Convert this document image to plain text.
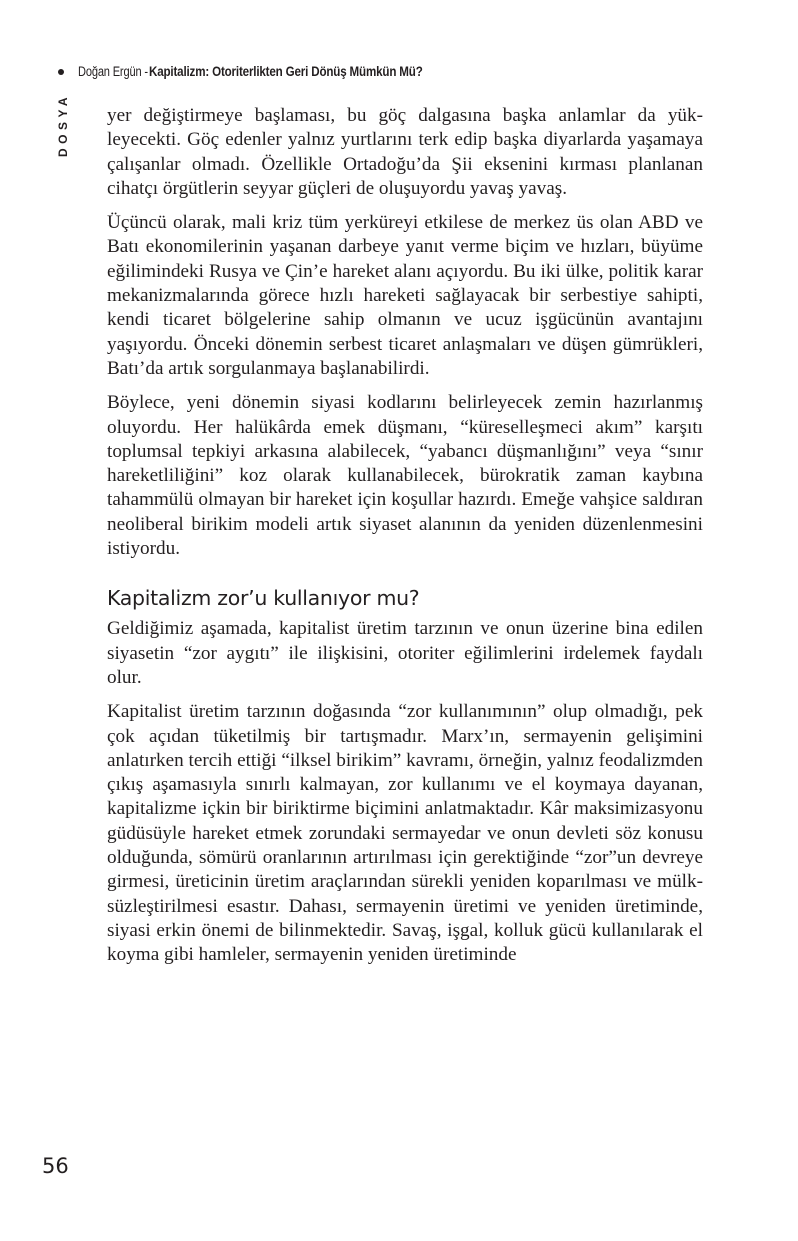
Doğan Ergün - Kapitalizm: Otoriterlikten Geri Dönüş Mümkün Mü?
DOSYA yer değiştirmeye başlaması, bu göç dalgasına başka anlamlar da yükleyecekti. Göç edenler yalnız yurtlarını terk edip başka diyarlarda yaşamaya çalışanlar olmadı. Özellikle Ortadoğu’da Şii eksenini kırması planlanan cihatçı örgütlerin seyyar güçleri de oluşuyordu yavaş yavaş.

Üçüncü olarak, mali kriz tüm yerküreyi etkilese de merkez üs olan ABD ve Batı ekonomilerinin yaşanan darbeye yanıt verme biçim ve hızları, büyüme eğilimindeki Rusya ve Çin’e hareket alanı açıyordu. Bu iki ülke, politik karar mekanizmalarında görece hızlı hareketi sağlayacak bir serbestiye sahipti, kendi ticaret bölgelerine sahip olmanın ve ucuz işgücünün avantajını yaşıyordu. Önceki dönemin serbest ticaret anlaşmaları ve düşen gümrükleri, Batı’da artık sorgulanmaya başlanabilirdi.

Böylece, yeni dönemin siyasi kodlarını belirleyecek zemin hazırlanmış oluyordu. Her halükârda emek düşmanı, “küreselleşmeci akım” karşıtı toplumsal tepkiyi arkasına alabilecek, “yabancı düşmanlığını” veya “sınır hareketliliğini” koz olarak kullanabilecek, bürokratik zaman kaybına tahammülü olmayan bir hareket için koşullar hazırdı. Emeğe vahşice saldıran neoliberal birikim modeli artık siyaset alanının da yeniden düzenlenmesini istiyordu.

Kapitalizm zor’u kullanıyor mu?

Geldiğimiz aşamada, kapitalist üretim tarzının ve onun üzerine bina edilen siyasetin “zor aygıtı” ile ilişkisini, otoriter eğilimlerini irdelemek faydalı olur.

Kapitalist üretim tarzının doğasında “zor kullanımının” olup olmadığı, pek çok açıdan tüketilmiş bir tartışmadır. Marx’ın, sermayenin gelişimini anlatırken tercih ettiği “ilksel birikim” kavramı, örneğin, yalnız feodalizmden çıkış aşamasıyla sınırlı kalmayan, zor kullanımı ve el koymaya dayanan, kapitalizme içkin bir biriktirme biçimini anlatmaktadır. Kâr maksimizasyonu güdüsüyle hareket etmek zorundaki sermayedar ve onun devleti söz konusu olduğunda, sömürü oranlarının artırılması için gerektiğinde “zor”un devreye girmesi, üreticinin üretim araçlarından sürekli yeniden koparılması ve mülksüzleştirilmesi esastır. Dahası, sermayenin üretimi ve yeniden üretiminde, siyasi erkin önemi de bilinmektedir. Savaş, işgal, kolluk gücü kullanılarak el koyma gibi hamleler, sermayenin yeniden üretiminde

56
